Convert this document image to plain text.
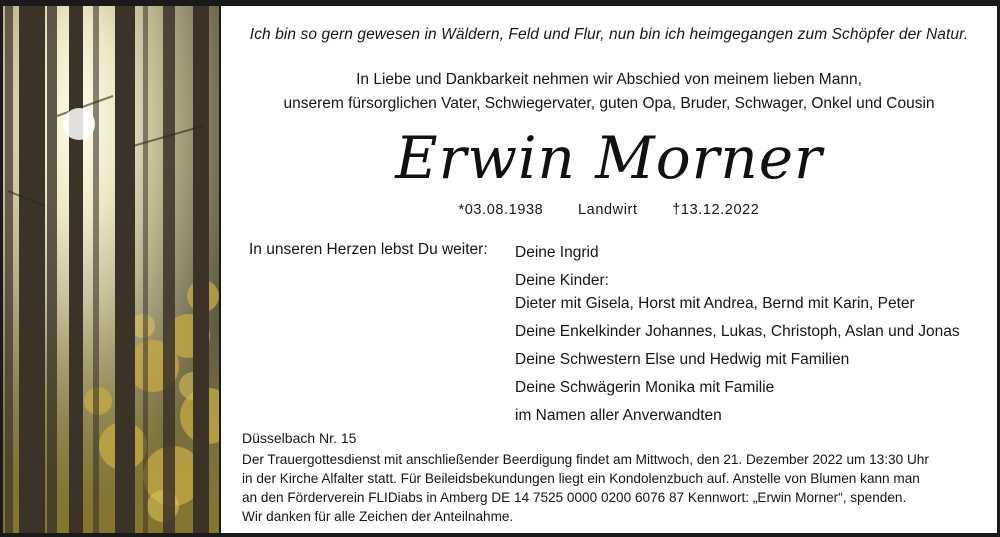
Ich bin so gern gewesen in Wäldern, Feld und Flur, nun bin ich heimgegangen zum Schöpfer der Natur.
In Liebe und Dankbarkeit nehmen wir Abschied von meinem lieben Mann,
unserem fürsorglichen Vater, Schwiegervater, guten Opa, Bruder, Schwager, Onkel und Cousin
Erwin Morner
*03.08.1938 Landwirt †13.12.2022
In unseren Herzen lebst Du weiter: Deine Ingrid
Deine Kinder:
Dieter mit Gisela, Horst mit Andrea, Bernd mit Karin, Peter
Deine Enkelkinder Johannes, Lukas, Christoph, Aslan und Jonas
Deine Schwestern Else und Hedwig mit Familien
Deine Schwägerin Monika mit Familie
im Namen aller Anverwandten
Düsselbach Nr. 15
Der Trauergottesdienst mit anschließender Beerdigung findet am Mittwoch, den 21. Dezember 2022 um 13:30 Uhr
in der Kirche Alfalter statt. Für Beileidsbekundungen liegt ein Kondolenzbuch auf. Anstelle von Blumen kann man
an den Förderverein FLIDiabs in Amberg DE 14 7525 0000 0200 6076 87 Kennwort: „Erwin Morner“, spenden.
Wir danken für alle Zeichen der Anteilnahme.
